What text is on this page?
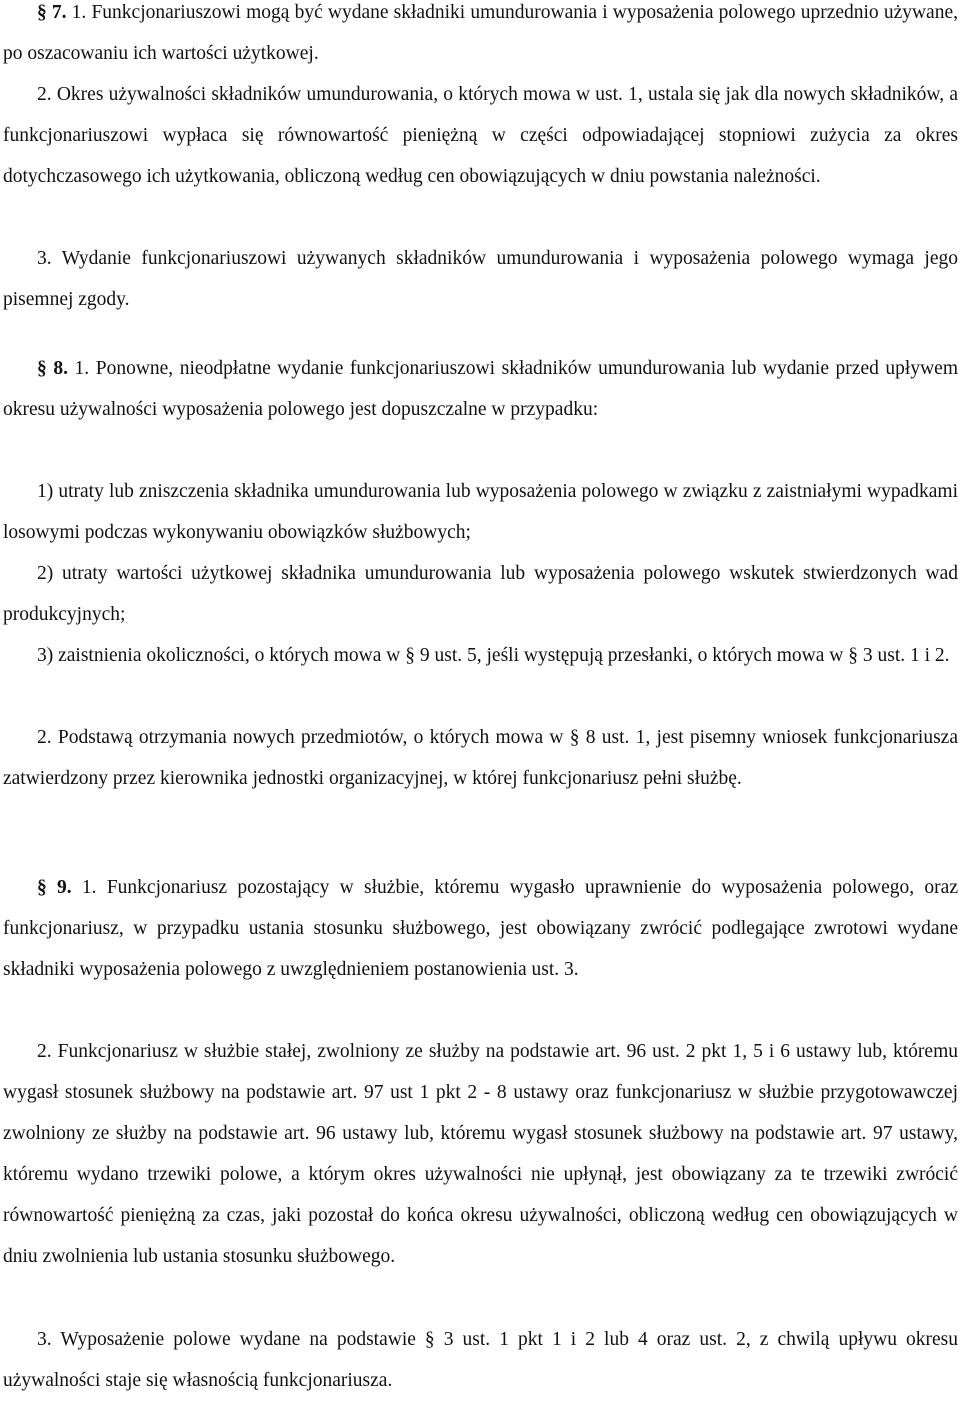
§ 7. 1. Funkcjonariuszowi mogą być wydane składniki umundurowania i wyposażenia polowego uprzednio używane, po oszacowaniu ich wartości użytkowej.

2. Okres używalności składników umundurowania, o których mowa w ust. 1, ustala się jak dla nowych składników, a funkcjonariuszowi wypłaca się równowartość pieniężną w części odpowiadającej stopniowi zużycia za okres dotychczasowego ich użytkowania, obliczoną według cen obowiązujących w dniu powstania należności.

3. Wydanie funkcjonariuszowi używanych składników umundurowania i wyposażenia polowego wymaga jego pisemnej zgody.

§ 8. 1. Ponowne, nieodpłatne wydanie funkcjonariuszowi składników umundurowania lub wydanie przed upływem okresu używalności wyposażenia polowego jest dopuszczalne w przypadku:

1) utraty lub zniszczenia składnika umundurowania lub wyposażenia polowego w związku z zaistniałymi wypadkami losowymi podczas wykonywaniu obowiązków służbowych;

2) utraty wartości użytkowej składnika umundurowania lub wyposażenia polowego wskutek stwierdzonych wad produkcyjnych;

3) zaistnienia okoliczności, o których mowa w § 9 ust. 5, jeśli występują przesłanki, o których mowa w § 3 ust. 1 i 2.

2. Podstawą otrzymania nowych przedmiotów, o których mowa w § 8 ust. 1, jest pisemny wniosek funkcjonariusza zatwierdzony przez kierownika jednostki organizacyjnej, w której funkcjonariusz pełni służbę.

§ 9. 1. Funkcjonariusz pozostający w służbie, któremu wygasło uprawnienie do wyposażenia polowego, oraz funkcjonariusz, w przypadku ustania stosunku służbowego, jest obowiązany zwrócić podlegające zwrotowi wydane składniki wyposażenia polowego z uwzględnieniem postanowienia ust. 3.

2. Funkcjonariusz w służbie stałej, zwolniony ze służby na podstawie art. 96 ust. 2 pkt 1, 5 i 6 ustawy lub, któremu wygasł stosunek służbowy na podstawie art. 97 ust 1 pkt 2 - 8 ustawy oraz funkcjonariusz w służbie przygotowawczej zwolniony ze służby na podstawie art. 96 ustawy lub, któremu wygasł stosunek służbowy na podstawie art. 97 ustawy, któremu wydano trzewiki polowe, a którym okres używalności nie upłynął, jest obowiązany za te trzewiki zwrócić równowartość pieniężną za czas, jaki pozostał do końca okresu używalności, obliczoną według cen obowiązujących w dniu zwolnienia lub ustania stosunku służbowego.

3. Wyposażenie polowe wydane na podstawie § 3 ust. 1 pkt 1 i 2 lub 4 oraz ust. 2, z chwilą upływu okresu używalności staje się własnością funkcjonariusza.
